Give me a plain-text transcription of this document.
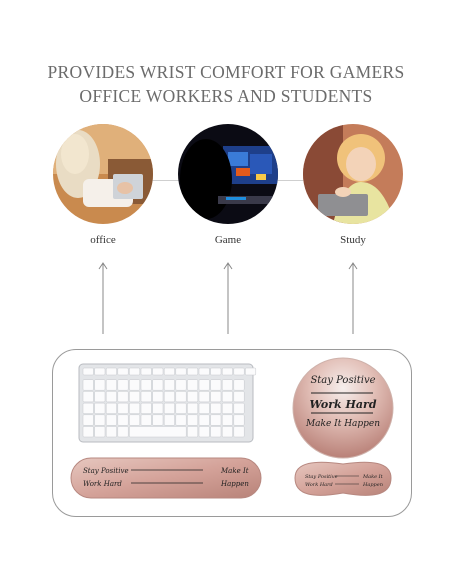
PROVIDES WRIST COMFORT FOR GAMERS
OFFICE WORKERS AND STUDENTS
office	Game	Study
Stay Positive
Work Hard
Make It Happen
Stay Positive
Work Hard
Make It
Happen
Stay Positive
Work Hard
Make It
Happen
